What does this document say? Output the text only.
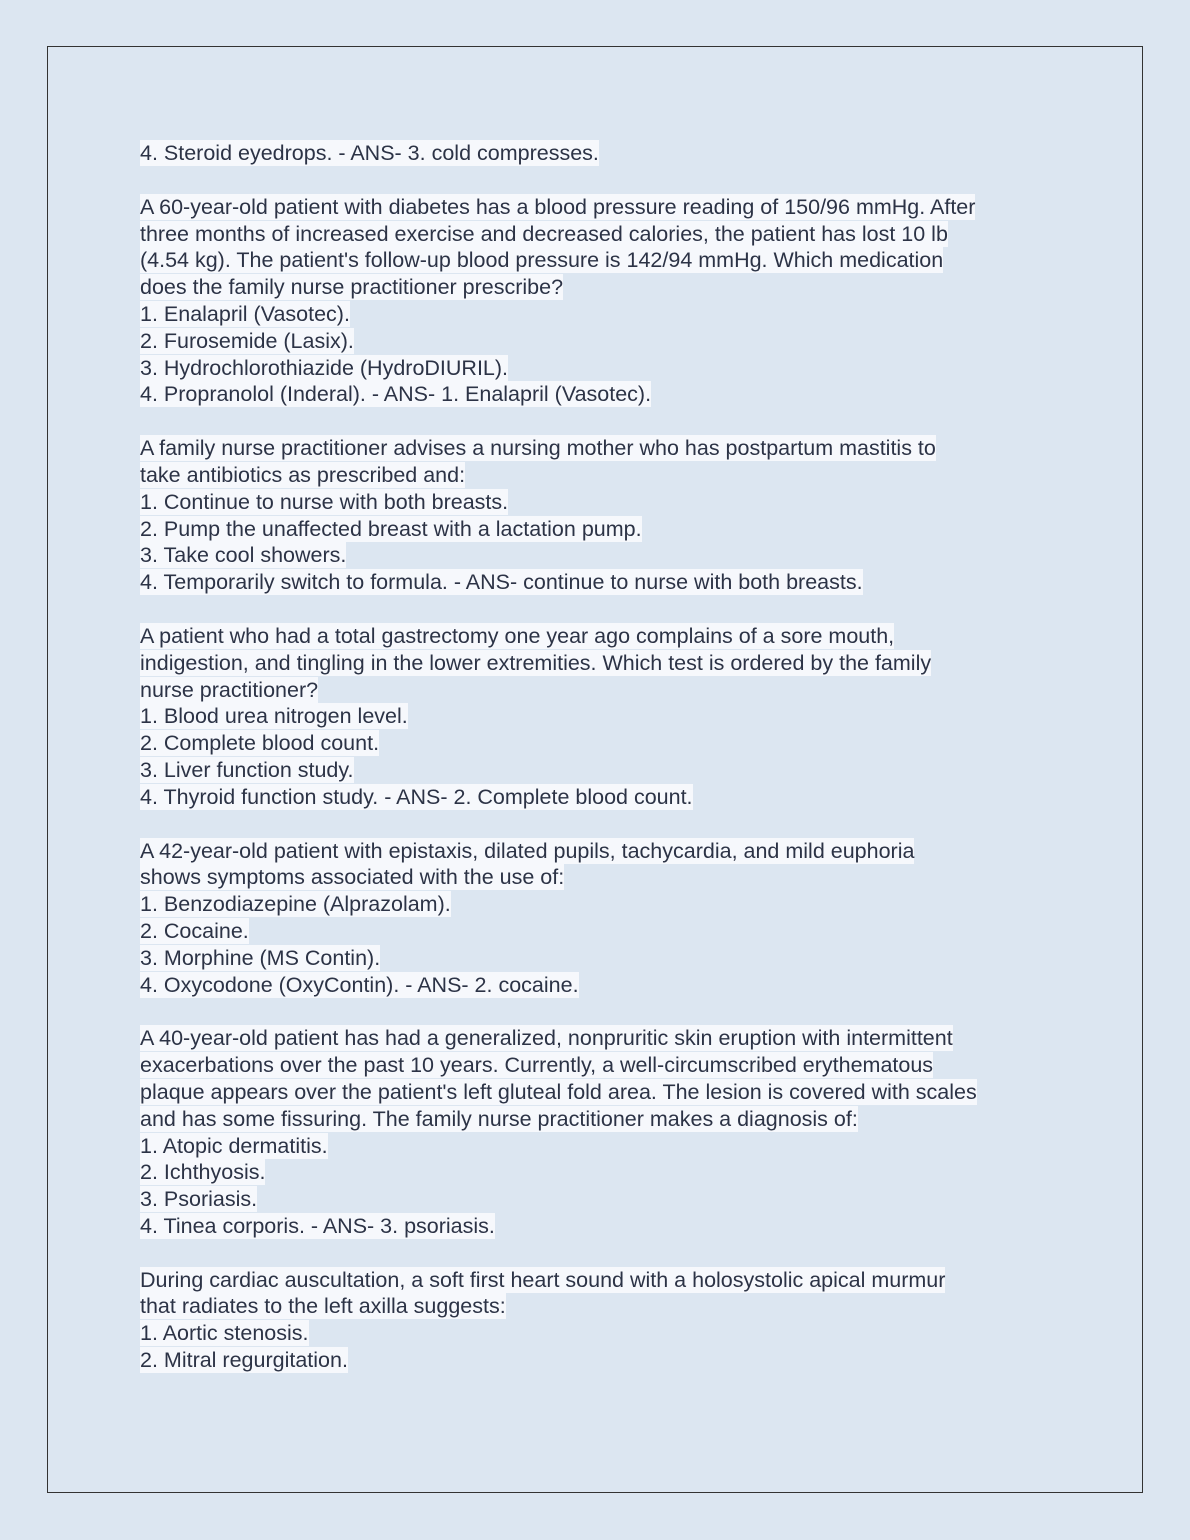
4. Steroid eyedrops. - ANS- 3. cold compresses.
A 60-year-old patient with diabetes has a blood pressure reading of 150/96 mmHg. After
three months of increased exercise and decreased calories, the patient has lost 10 lb
(4.54 kg). The patient's follow-up blood pressure is 142/94 mmHg. Which medication
does the family nurse practitioner prescribe?
1. Enalapril (Vasotec).
2. Furosemide (Lasix).
3. Hydrochlorothiazide (HydroDIURIL).
4. Propranolol (Inderal). - ANS- 1. Enalapril (Vasotec).
A family nurse practitioner advises a nursing mother who has postpartum mastitis to
take antibiotics as prescribed and:
1. Continue to nurse with both breasts.
2. Pump the unaffected breast with a lactation pump.
3. Take cool showers.
4. Temporarily switch to formula. - ANS- continue to nurse with both breasts.
A patient who had a total gastrectomy one year ago complains of a sore mouth,
indigestion, and tingling in the lower extremities. Which test is ordered by the family
nurse practitioner?
1. Blood urea nitrogen level.
2. Complete blood count.
3. Liver function study.
4. Thyroid function study. - ANS- 2. Complete blood count.
A 42-year-old patient with epistaxis, dilated pupils, tachycardia, and mild euphoria
shows symptoms associated with the use of:
1. Benzodiazepine (Alprazolam).
2. Cocaine.
3. Morphine (MS Contin).
4. Oxycodone (OxyContin). - ANS- 2. cocaine.
A 40-year-old patient has had a generalized, nonpruritic skin eruption with intermittent
exacerbations over the past 10 years. Currently, a well-circumscribed erythematous
plaque appears over the patient's left gluteal fold area. The lesion is covered with scales
and has some fissuring. The family nurse practitioner makes a diagnosis of:
1. Atopic dermatitis.
2. Ichthyosis.
3. Psoriasis.
4. Tinea corporis. - ANS- 3. psoriasis.
During cardiac auscultation, a soft first heart sound with a holosystolic apical murmur
that radiates to the left axilla suggests:
1. Aortic stenosis.
2. Mitral regurgitation.
